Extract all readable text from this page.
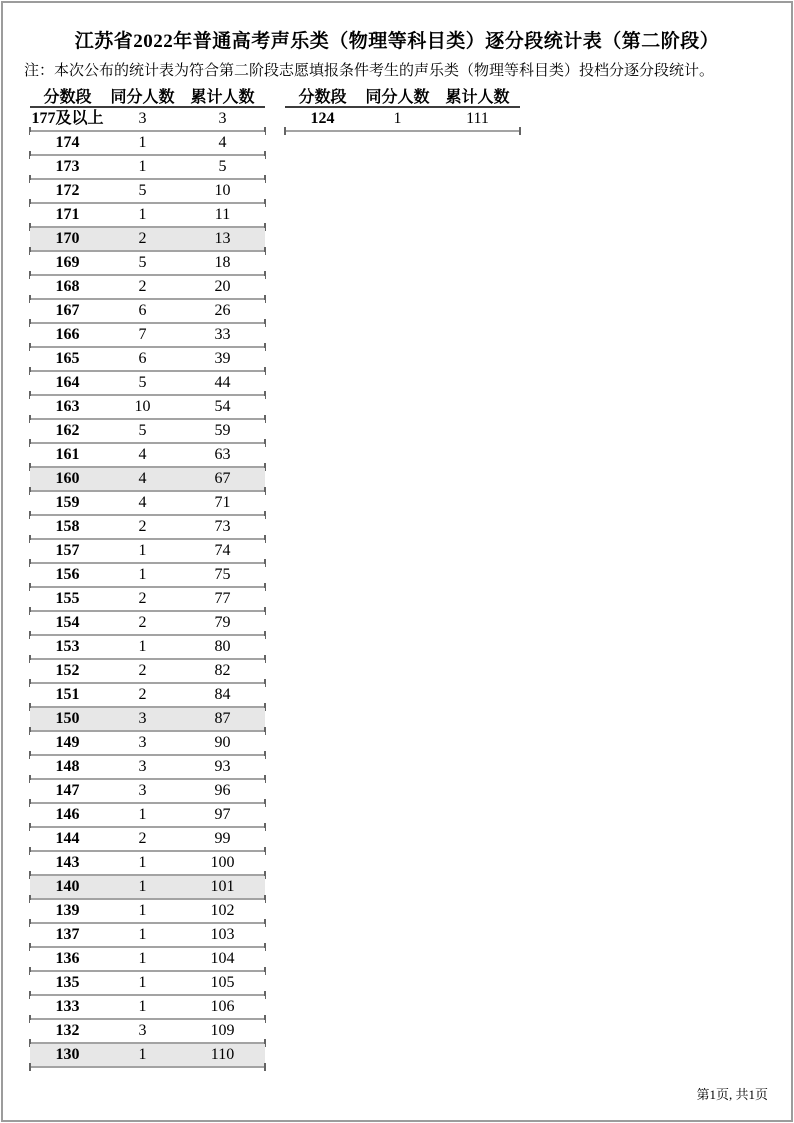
江苏省2022年普通高考声乐类（物理等科目类）逐分段统计表（第二阶段）
注：本次公布的统计表为符合第二阶段志愿填报条件考生的声乐类（物理等科目类）投档分逐分段统计。
分数段	同分人数 累计人数
177及以上	3	3
174	1	4
173	1	5
172	5	10
171	1	11
170	2	13
169	5	18
168	2	20
167	6	26
166	7	33
165	6	39
164	5	44
163	10	54
162	5	59
161	4	63
160	4	67
159	4	71
158	2	73
157	1	74
156	1	75
155	2	77
154	2	79
153	1	80
152	2	82
151	2	84
150	3	87
149	3	90
148	3	93
147	3	96
146	1	97
144	2	99
143	1	100
140	1	101
139	1	102
137	1	103
136	1	104
135	1	105
133	1	106
132	3	109
130	1	110
分数段	同分人数 累计人数
124	1	111
第1页, 共1页
